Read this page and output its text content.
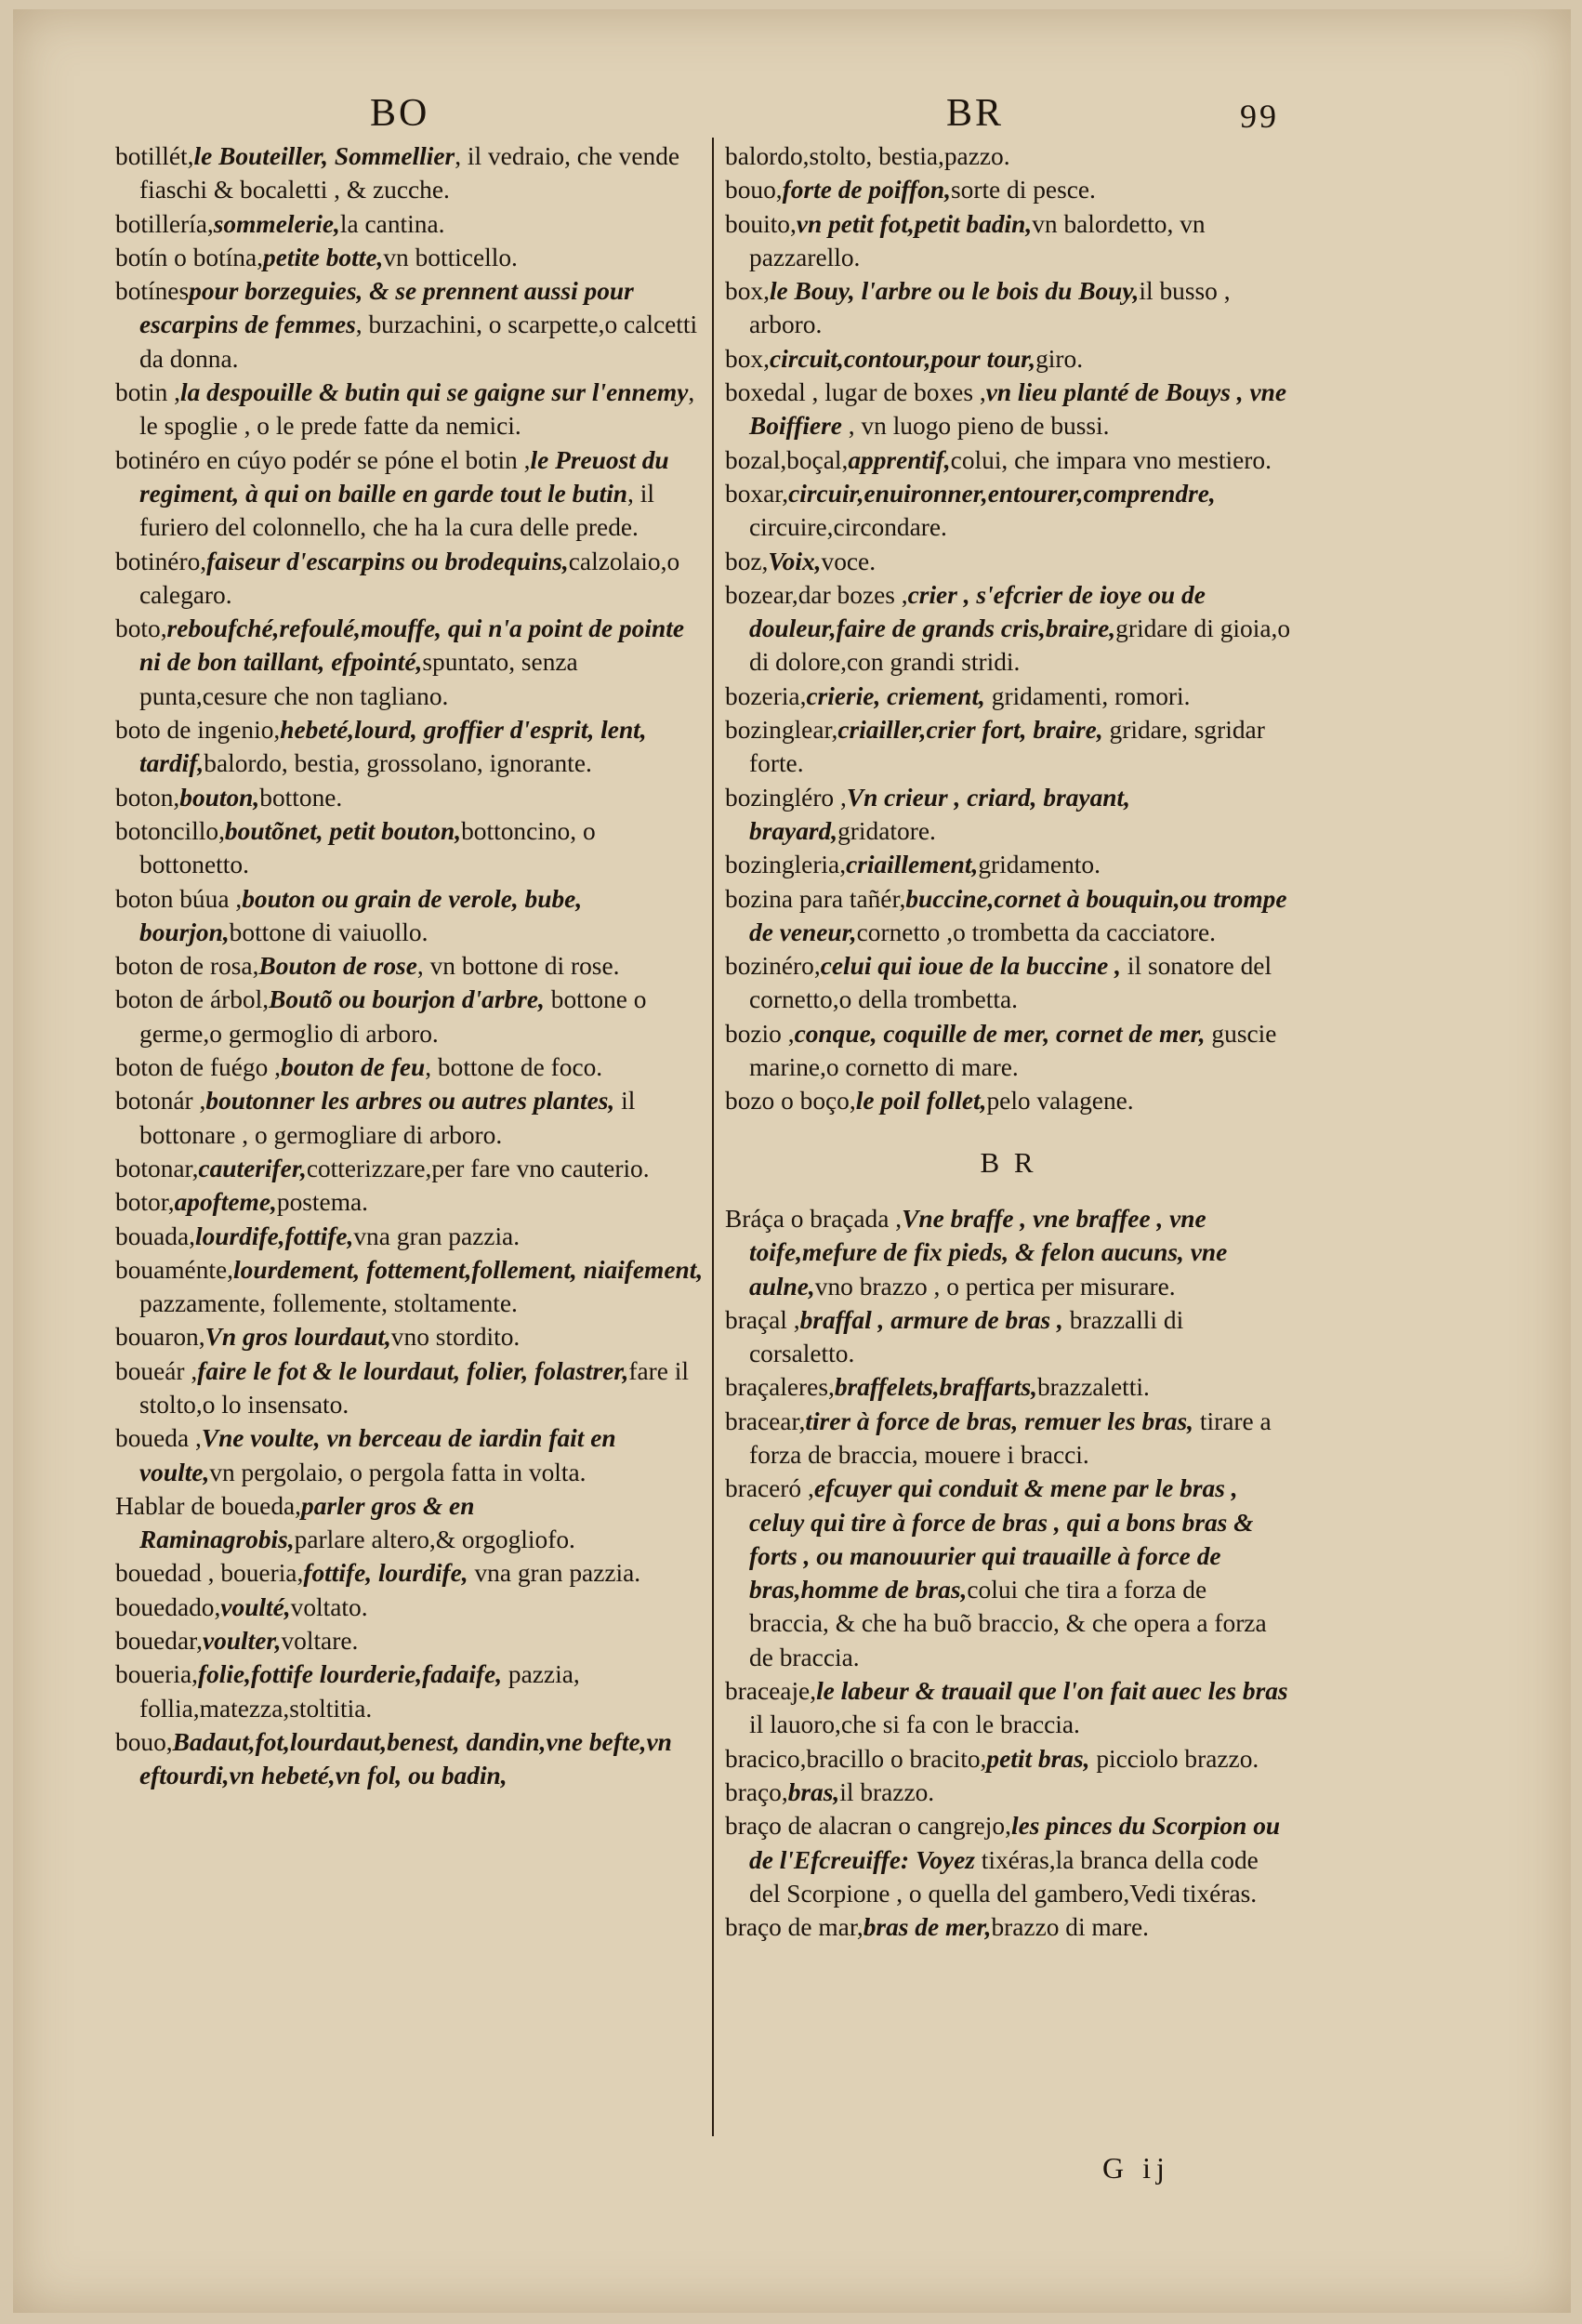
BO	BR	99

botillét,le Bouteiller, Sommellier, il vedraio, che vende fiaschi & bocaletti , & zucche.

botillería,sommelerie,la cantina.

botín o botína,petite botte,vn botticello.

botínespour borzeguies, & se prennent aussi pour escarpins de femmes, burzachini, o scarpette,o calcetti da donna.

botin ,la despouille & butin qui se gaigne sur l'ennemy, le spoglie , o le prede fatte da nemici.

botinéro en cúyo podér se póne el botin ,le Preuost du regiment, à qui on baille en garde tout le butin, il furiero del colonnello, che ha la cura delle prede.

botinéro,faiseur d'escarpins ou brodequins,calzolaio,o calegaro.

boto,reboufché,refoulé,mouffe, qui n'a point de pointe ni de bon taillant, efpointé,spuntato, senza punta,cesure che non tagliano.

boto de ingenio,hebeté,lourd, groffier d'esprit, lent, tardif,balordo, bestia, grossolano, ignorante.

boton,bouton,bottone.

botoncillo,boutõnet, petit bouton,bottoncino, o bottonetto.

boton búua ,bouton ou grain de verole, bube, bourjon,bottone di vaiuollo.

boton de rosa,Bouton de rose, vn bottone di rose.

boton de árbol,Boutõ ou bourjon d'arbre, bottone o germe,o germoglio di arboro.

boton de fuégo ,bouton de feu, bottone de foco.

botonár ,boutonner les arbres ou autres plantes, il bottonare , o germogliare di arboro.

botonar,cauterifer,cotterizzare,per fare vno cauterio.

botor,apofteme,postema.

bouada,lourdife,fottife,vna gran pazzia.

bouaménte,lourdement, fottement,follement, niaifement, pazzamente, follemente, stoltamente.

bouaron,Vn gros lourdaut,vno stordito.

boueár ,faire le fot & le lourdaut, folier, folastrer,fare il stolto,o lo insensato.

boueda ,Vne voulte, vn berceau de iardin fait en voulte,vn pergolaio, o pergola fatta in volta.

Hablar de boueda,parler gros & en Raminagrobis,parlare altero,& orgogliofo.

bouedad , boueria,fottife, lourdife, vna gran pazzia.

bouedado,voulté,voltato.

bouedar,voulter,voltare.

boueria,folie,fottife lourderie,fadaife, pazzia, follia,matezza,stoltitia.

bouo,Badaut,fot,lourdaut,benest, dandin,vne befte,vn eftourdi,vn hebeté,vn fol, ou badin,

balordo,stolto, bestia,pazzo.

bouo,forte de poiffon,sorte di pesce.

bouito,vn petit fot,petit badin,vn balordetto, vn pazzarello.

box,le Bouy, l'arbre ou le bois du Bouy,il busso , arboro.

box,circuit,contour,pour tour,giro.

boxedal , lugar de boxes ,vn lieu planté de Bouys , vne Boiffiere , vn luogo pieno de bussi.

bozal,boçal,apprentif,colui, che impara vno mestiero.

boxar,circuir,enuironner,entourer,comprendre, circuire,circondare.

boz,Voix,voce.

bozear,dar bozes ,crier , s'efcrier de ioye ou de douleur,faire de grands cris,braire,gridare di gioia,o di dolore,con grandi stridi.

bozeria,crierie, criement, gridamenti, romori.

bozinglear,criailler,crier fort, braire, gridare, sgridar forte.

bozingléro ,Vn crieur , criard, brayant, brayard,gridatore.

bozingleria,criaillement,gridamento.

bozina para tañér,buccine,cornet à bouquin,ou trompe de veneur,cornetto ,o trombetta da cacciatore.

bozinéro,celui qui ioue de la buccine , il sonatore del cornetto,o della trombetta.

bozio ,conque, coquille de mer, cornet de mer, guscie marine,o cornetto di mare.

bozo o boço,le poil follet,pelo valagene.

B R

Bráça o braçada ,Vne braffe , vne braffee , vne toife,mefure de fix pieds, & felon aucuns, vne aulne,vno brazzo , o pertica per misurare.

braçal ,braffal , armure de bras , brazzalli di corsaletto.

braçaleres,braffelets,braffarts,brazzaletti.

bracear,tirer à force de bras, remuer les bras, tirare a forza de braccia, mouere i bracci.

braceró ,efcuyer qui conduit & mene par le bras , celuy qui tire à force de bras , qui a bons bras & forts , ou manouurier qui trauaille à force de bras,homme de bras,colui che tira a forza de braccia, & che ha buõ braccio, & che opera a forza de braccia.

braceaje,le labeur & trauail que l'on fait auec les bras il lauoro,che si fa con le braccia.

bracico,bracillo o bracito,petit bras, picciolo brazzo.

braço,bras,il brazzo.

braço de alacran o cangrejo,les pinces du Scorpion ou de l'Efcreuiffe: Voyez tixéras,la branca della code del Scorpione , o quella del gambero,Vedi tixéras.

braço de mar,bras de mer,brazzo di mare.

G ij
